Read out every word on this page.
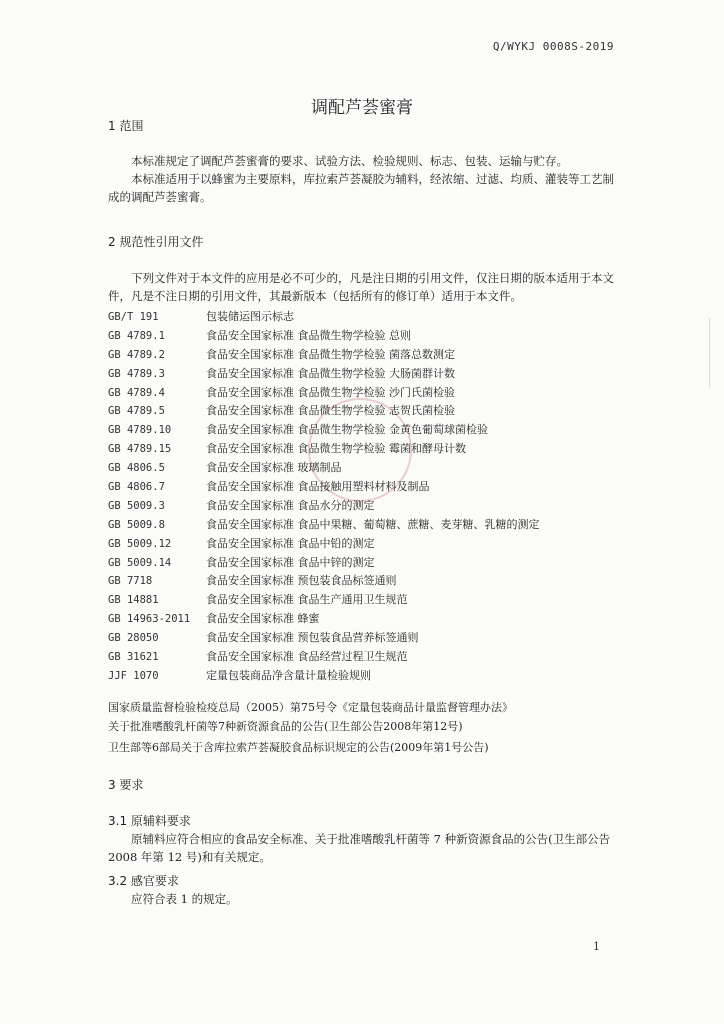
Q/WYKJ 0008S-2019
调配芦荟蜜膏
1 范围
本标准规定了调配芦荟蜜膏的要求、试验方法、检验规则、标志、包装、运输与贮存。
本标准适用于以蜂蜜为主要原料，库拉索芦荟凝胶为辅料，经浓缩、过滤、均质、灌装等工艺制成的调配芦荟蜜膏。
2 规范性引用文件
下列文件对于本文件的应用是必不可少的，凡是注日期的引用文件，仅注日期的版本适用于本文件，凡是不注日期的引用文件，其最新版本（包括所有的修订单）适用于本文件。
GB/T 191	包装储运图示标志
GB 4789.1	食品安全国家标准 食品微生物学检验 总则
GB 4789.2	食品安全国家标准 食品微生物学检验 菌落总数测定
GB 4789.3	食品安全国家标准 食品微生物学检验 大肠菌群计数
GB 4789.4	食品安全国家标准 食品微生物学检验 沙门氏菌检验
GB 4789.5	食品安全国家标准 食品微生物学检验 志贺氏菌检验
GB 4789.10	食品安全国家标准 食品微生物学检验 金黄色葡萄球菌检验
GB 4789.15	食品安全国家标准 食品微生物学检验 霉菌和酵母计数
GB 4806.5	食品安全国家标准 玻璃制品
GB 4806.7	食品安全国家标准 食品接触用塑料材料及制品
GB 5009.3	食品安全国家标准 食品水分的测定
GB 5009.8	食品安全国家标准 食品中果糖、葡萄糖、蔗糖、麦芽糖、乳糖的测定
GB 5009.12	食品安全国家标准 食品中铅的测定
GB 5009.14	食品安全国家标准 食品中锌的测定
GB 7718	食品安全国家标准 预包装食品标签通则
GB 14881	食品安全国家标准 食品生产通用卫生规范
GB 14963-2011 食品安全国家标准 蜂蜜
GB 28050	食品安全国家标准 预包装食品营养标签通则
GB 31621	食品安全国家标准 食品经营过程卫生规范
JJF 1070	定量包装商品净含量计量检验规则
国家质量监督检验检疫总局（2005）第75号令《定量包装商品计量监督管理办法》
关于批准嗜酸乳杆菌等7种新资源食品的公告(卫生部公告2008年第12号)
卫生部等6部局关于含库拉索芦荟凝胶食品标识规定的公告(2009年第1号公告)
3 要求
3.1 原辅料要求
原辅料应符合相应的食品安全标准、关于批准嗜酸乳杆菌等 7 种新资源食品的公告(卫生部公告 2008 年第 12 号)和有关规定。
3.2 感官要求
应符合表 1 的规定。
1
